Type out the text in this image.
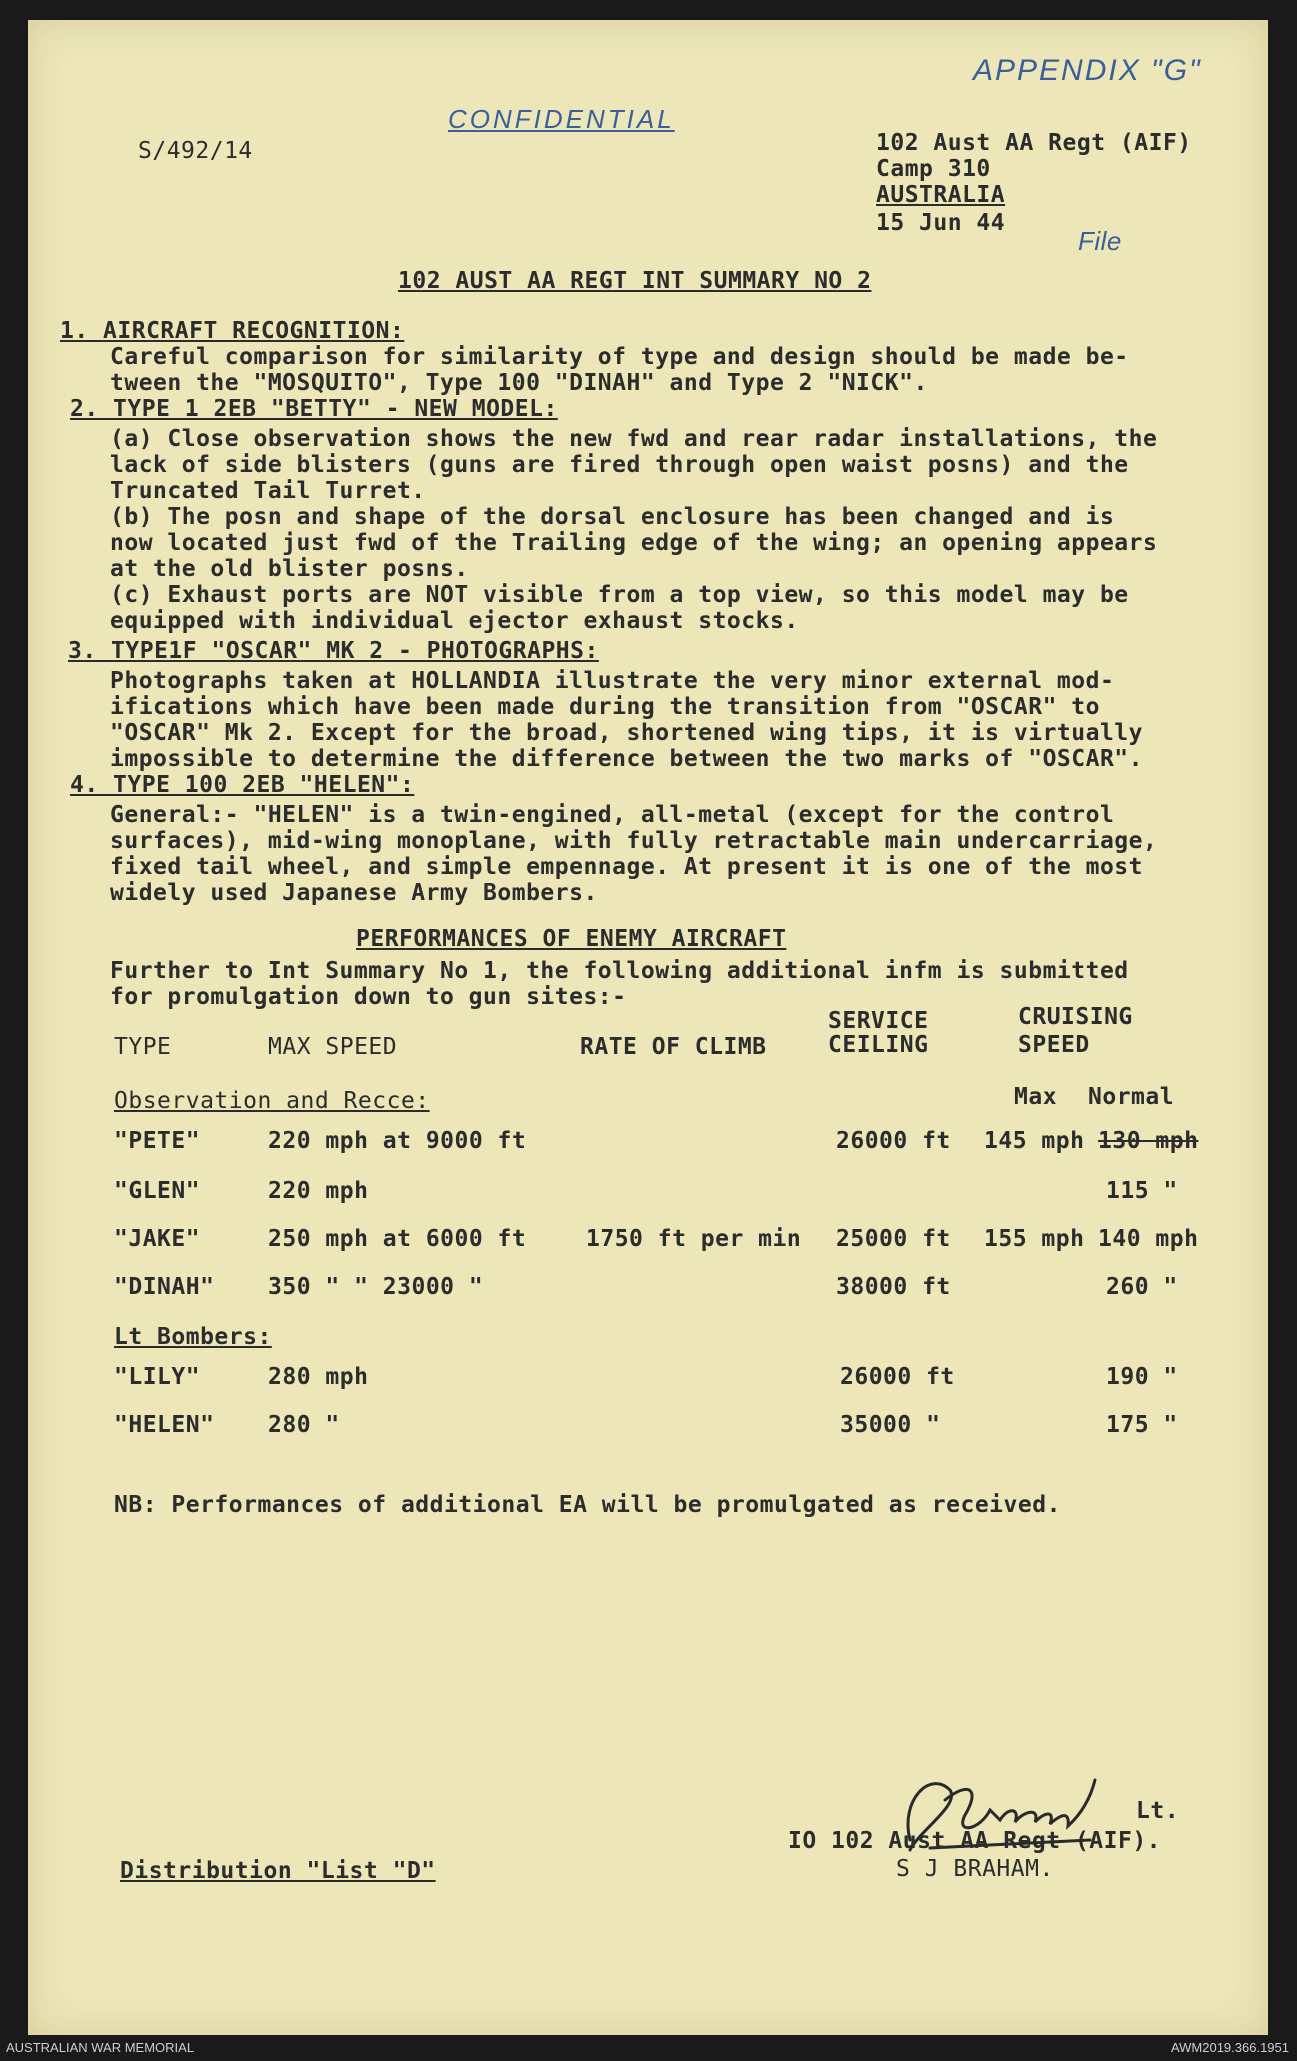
APPENDIX "G"
CONFIDENTIAL
S/492/14	102 Aust AA Regt (AIF)
Camp 310
AUSTRALIA
15 Jun 44
File
102 AUST AA REGT INT SUMMARY NO 2
1. AIRCRAFT RECOGNITION:
Careful comparison for similarity of type and design should be made be-
tween the "MOSQUITO", Type 100 "DINAH" and Type 2 "NICK".
2. TYPE 1 2EB "BETTY" - NEW MODEL:
(a) Close observation shows the new fwd and rear radar installations, the
lack of side blisters (guns are fired through open waist posns) and the
Truncated Tail Turret.
(b) The posn and shape of the dorsal enclosure has been changed and is
now located just fwd of the Trailing edge of the wing; an opening appears
at the old blister posns.
(c) Exhaust ports are NOT visible from a top view, so this model may be
equipped with individual ejector exhaust stocks.
3. TYPE1F "OSCAR" MK 2 - PHOTOGRAPHS:
Photographs taken at HOLLANDIA illustrate the very minor external mod-
ifications which have been made during the transition from "OSCAR" to
"OSCAR" Mk 2. Except for the broad, shortened wing tips, it is virtually
impossible to determine the difference between the two marks of "OSCAR".
4. TYPE 100 2EB "HELEN":
General:- "HELEN" is a twin-engined, all-metal (except for the control
surfaces), mid-wing monoplane, with fully retractable main undercarriage,
fixed tail wheel, and simple empennage. At present it is one of the most
widely used Japanese Army Bombers.
PERFORMANCES OF ENEMY AIRCRAFT
Further to Int Summary No 1, the following additional infm is submitted
for promulgation down to gun sites:-
SERVICE	CRUISING
TYPE	MAX SPEED	RATE OF CLIMB	CEILING	SPEED
Max Normal
Observation and Recce:
"PETE"	220 mph at 9000 ft	26000 ft 145 mph 130 mph
"GLEN"	220 mph	115 "
"JAKE"	250 mph at 6000 ft	1750 ft per min 25000 ft 155 mph 140 mph
"DINAH" 350 " " 23000 "	38000 ft	260 "
Lt Bombers:
"LILY"	280 mph	26000 ft	190 "
"HELEN" 280 "	35000 "	175 "
NB: Performances of additional EA will be promulgated as received.
Lt.
IO 102 Aust AA Regt (AIF).
S J BRAHAM.
Distribution "List "D"
AUSTRALIAN WAR MEMORIAL	AWM2019.366.1951
